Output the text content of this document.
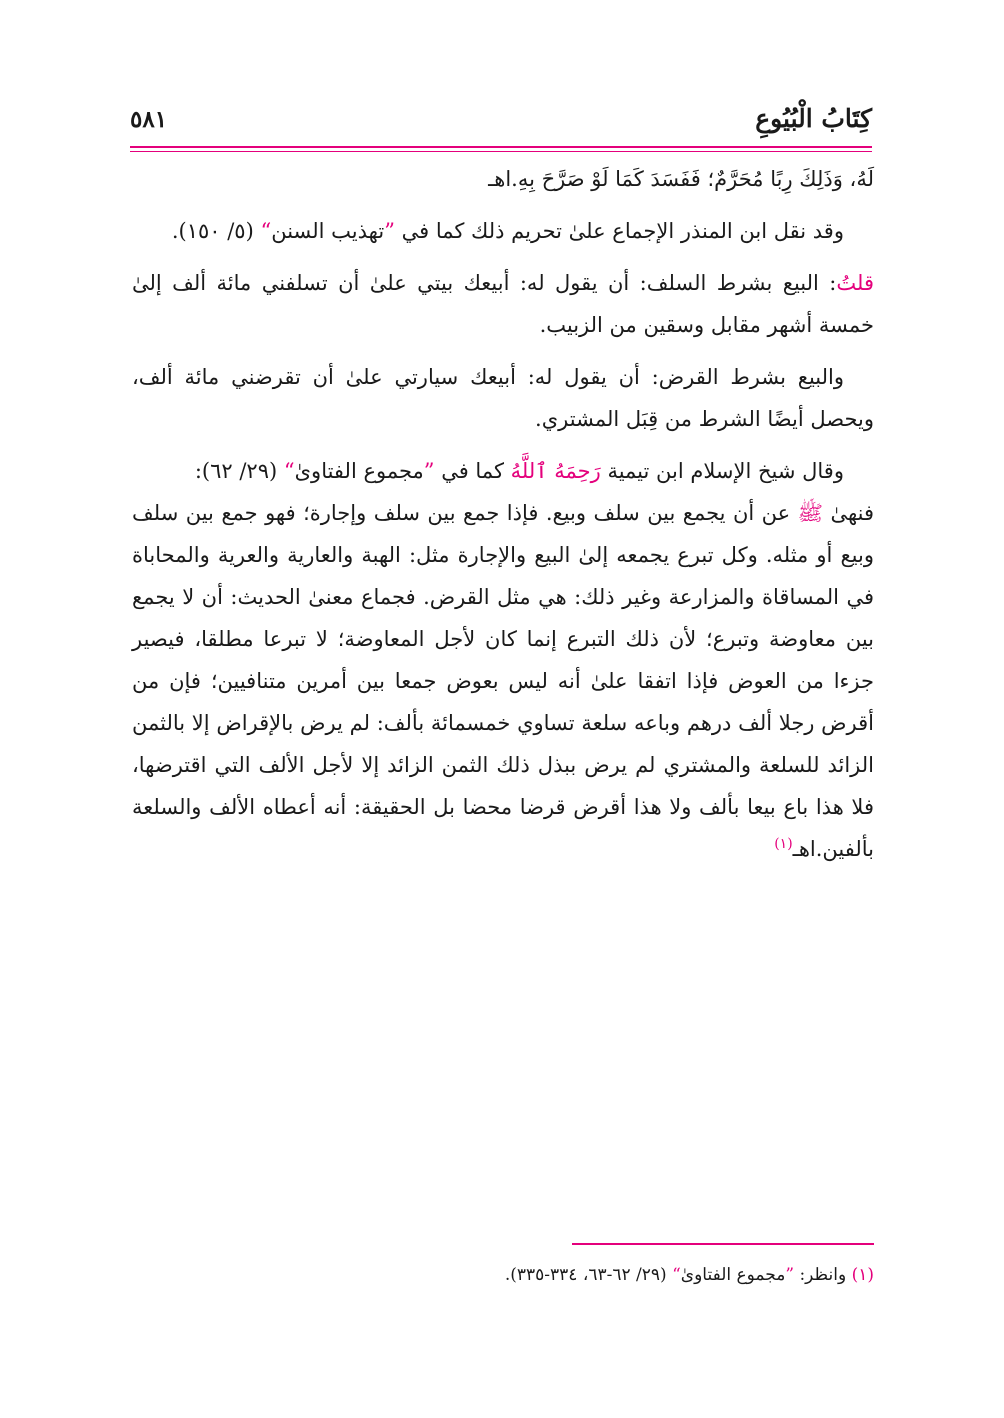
كِتَابُ الْبُيُوعِ
٥٨١

لَهُ، وَذَلِكَ رِبًا مُحَرَّمٌ؛ فَفَسَدَ كَمَا لَوْ صَرَّحَ بِهِ.اهـ

وقد نقل ابن المنذر الإجماع علىٰ تحريم ذلك كما في ”تهذيب السنن“ (٥/ ١٥٠).

قلتُ: البيع بشرط السلف: أن يقول له: أبيعك بيتي علىٰ أن تسلفني مائة ألف إلىٰ خمسة أشهر مقابل وسقين من الزبيب.

والبيع بشرط القرض: أن يقول له: أبيعك سيارتي علىٰ أن تقرضني مائة ألف، ويحصل أيضًا الشرط من قِبَل المشتري.

وقال شيخ الإسلام ابن تيمية رَحِمَهُ ٱللَّهُ كما في ”مجموع الفتاوىٰ“ (٢٩/ ٦٢):

فنهىٰ ﷺ عن أن يجمع بين سلف وبيع. فإذا جمع بين سلف وإجارة؛ فهو جمع بين سلف وبيع أو مثله. وكل تبرع يجمعه إلىٰ البيع والإجارة مثل: الهبة والعارية والعرية والمحاباة في المساقاة والمزارعة وغير ذلك: هي مثل القرض. فجماع معنىٰ الحديث: أن لا يجمع بين معاوضة وتبرع؛ لأن ذلك التبرع إنما كان لأجل المعاوضة؛ لا تبرعا مطلقا، فيصير جزءا من العوض فإذا اتفقا علىٰ أنه ليس بعوض جمعا بين أمرين متنافيين؛ فإن من أقرض رجلا ألف درهم وباعه سلعة تساوي خمسمائة بألف: لم يرض بالإقراض إلا بالثمن الزائد للسلعة والمشتري لم يرض ببذل ذلك الثمن الزائد إلا لأجل الألف التي اقترضها، فلا هذا باع بيعا بألف ولا هذا أقرض قرضا محضا بل الحقيقة: أنه أعطاه الألف والسلعة بألفين.اهـ$^{(١)}$

(١) وانظر: ”مجموع الفتاوىٰ“ (٢٩/ ٦٢-٦٣، ٣٣٤-٣٣٥).
